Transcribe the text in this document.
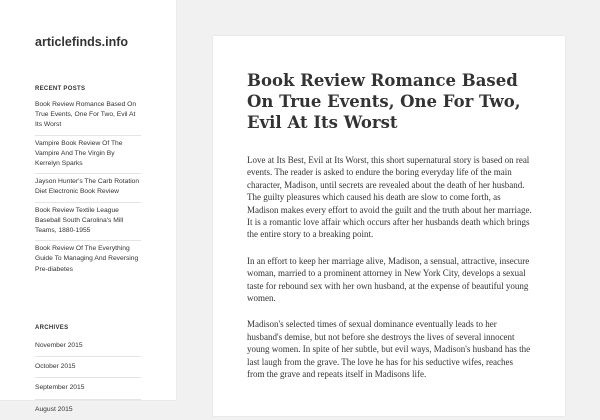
articlefinds.info
RECENT POSTS
Book Review Romance Based On True Events, One For Two, Evil At Its Worst
Vampire Book Review Of The Vampire And The Virgin By Kerrelyn Sparks
Jayson Hunter's The Carb Rotation Diet Electronic Book Review
Book Review Textile League Baseball South Carolina's Mill Teams, 1880-1955
Book Review Of The Everything Guide To Managing And Reversing Pre-diabetes
ARCHIVES
November 2015
October 2015
September 2015
August 2015
Book Review Romance Based On True Events, One For Two, Evil At Its Worst

Love at Its Best, Evil at Its Worst, this short supernatural story is based on real events. The reader is asked to endure the boring everyday life of the main character, Madison, until secrets are revealed about the death of her husband. The guilty pleasures which caused his death are slow to come forth, as Madison makes every effort to avoid the guilt and the truth about her marriage. It is a romantic love affair which occurs after her husbands death which brings the entire story to a breaking point.

In an effort to keep her marriage alive, Madison, a sensual, attractive, insecure woman, married to a prominent attorney in New York City, develops a sexual taste for rebound sex with her own husband, at the expense of beautiful young women.

Madison's selected times of sexual dominance eventually leads to her husband's demise, but not before she destroys the lives of several innocent young women. In spite of her subtle, but evil ways, Madison's husband has the last laugh from the grave. The love he has for his seductive wifes, reaches from the grave and repeats itself in Madisons life.
